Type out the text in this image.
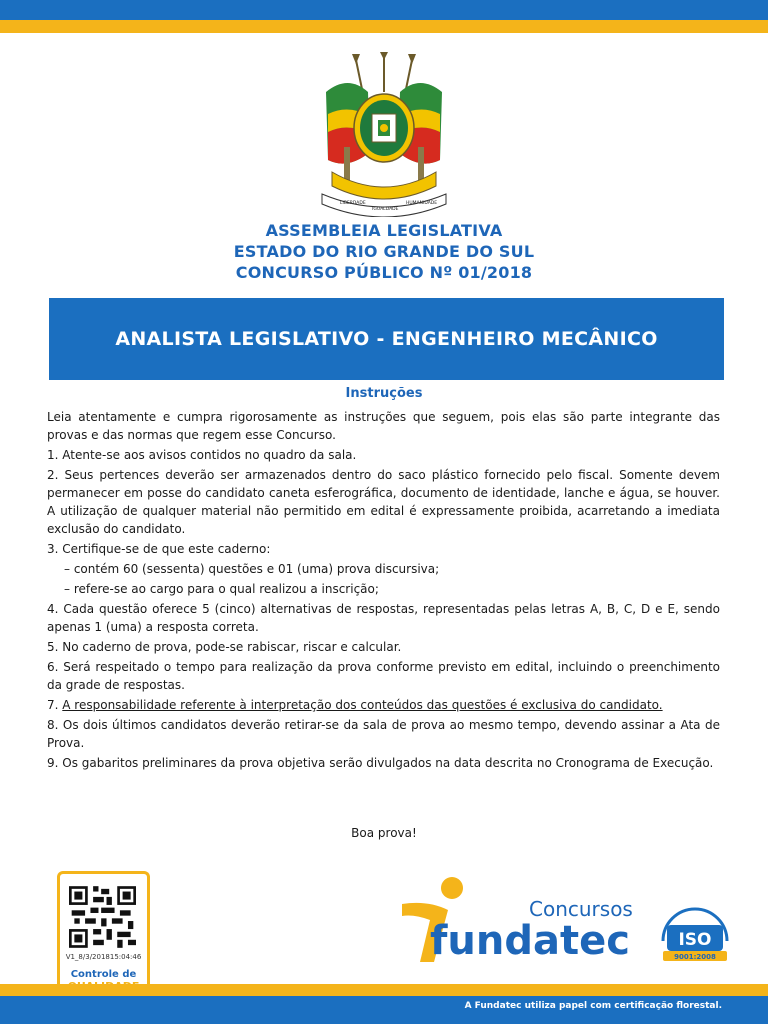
LIBERDADE
IGUALDADE
HUMANIDADE
ASSEMBLEIA LEGISLATIVA
ESTADO DO RIO GRANDE DO SUL
CONCURSO PÚBLICO Nº 01/2018
ANALISTA LEGISLATIVO - ENGENHEIRO MECÂNICO
Instruções

Leia atentamente e cumpra rigorosamente as instruções que seguem, pois elas são parte integrante das provas e das normas que regem esse Concurso.

1. Atente-se aos avisos contidos no quadro da sala.

2. Seus pertences deverão ser armazenados dentro do saco plástico fornecido pelo fiscal. Somente devem permanecer em posse do candidato caneta esferográfica, documento de identidade, lanche e água, se houver. A utilização de qualquer material não permitido em edital é expressamente proibida, acarretando a imediata exclusão do candidato.

3. Certifique-se de que este caderno:

– contém 60 (sessenta) questões e 01 (uma) prova discursiva;

– refere-se ao cargo para o qual realizou a inscrição;

4. Cada questão oferece 5 (cinco) alternativas de respostas, representadas pelas letras A, B, C, D e E, sendo apenas 1 (uma) a resposta correta.

5. No caderno de prova, pode-se rabiscar, riscar e calcular.

6. Será respeitado o tempo para realização da prova conforme previsto em edital, incluindo o preenchimento da grade de respostas.

7. A responsabilidade referente à interpretação dos conteúdos das questões é exclusiva do candidato.

8. Os dois últimos candidatos deverão retirar-se da sala de prova ao mesmo tempo, devendo assinar a Ata de Prova.

9. Os gabaritos preliminares da prova objetiva serão divulgados na data descrita no Cronograma de Execução.

Boa prova!
V1_8/3/201815:04:46
Controle de
Concursos
fundatec	ISO
9001:2008
A Fundatec utiliza papel com certificação florestal.
